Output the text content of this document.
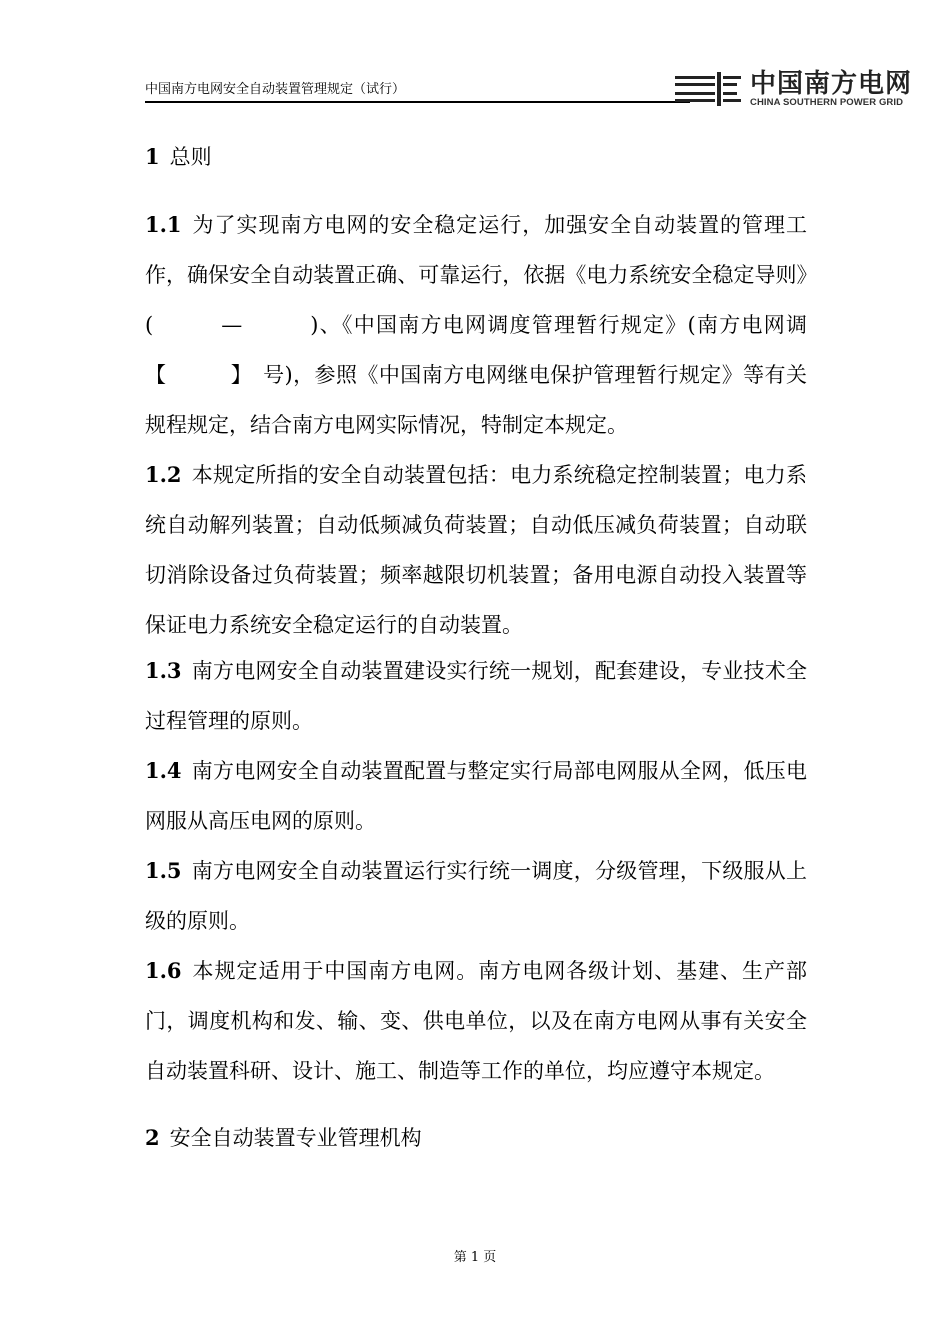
中国南方电网安全自动装置管理规定（试行）	中国南方电网
CHINA SOUTHERN POWER GRID
1 总则
1.1 为了实现南方电网的安全稳定运行，加强安全自动装置的管理工作，确保安全自动装置正确、可靠运行，依据《电力系统安全稳定导则》(　　　—　　　)、《中国南方电网调度管理暂行规定》(南方电网调【　　　】　号)，参照《中国南方电网继电保护管理暂行规定》等有关规程规定，结合南方电网实际情况，特制定本规定。
1.2 本规定所指的安全自动装置包括：电力系统稳定控制装置；电力系统自动解列装置；自动低频减负荷装置；自动低压减负荷装置；自动联切消除设备过负荷装置；频率越限切机装置；备用电源自动投入装置等保证电力系统安全稳定运行的自动装置。
1.3 南方电网安全自动装置建设实行统一规划，配套建设，专业技术全过程管理的原则。
1.4 南方电网安全自动装置配置与整定实行局部电网服从全网，低压电网服从高压电网的原则。
1.5 南方电网安全自动装置运行实行统一调度，分级管理，下级服从上级的原则。
1.6 本规定适用于中国南方电网。南方电网各级计划、基建、生产部门，调度机构和发、输、变、供电单位，以及在南方电网从事有关安全自动装置科研、设计、施工、制造等工作的单位，均应遵守本规定。
2 安全自动装置专业管理机构
第 1 页
